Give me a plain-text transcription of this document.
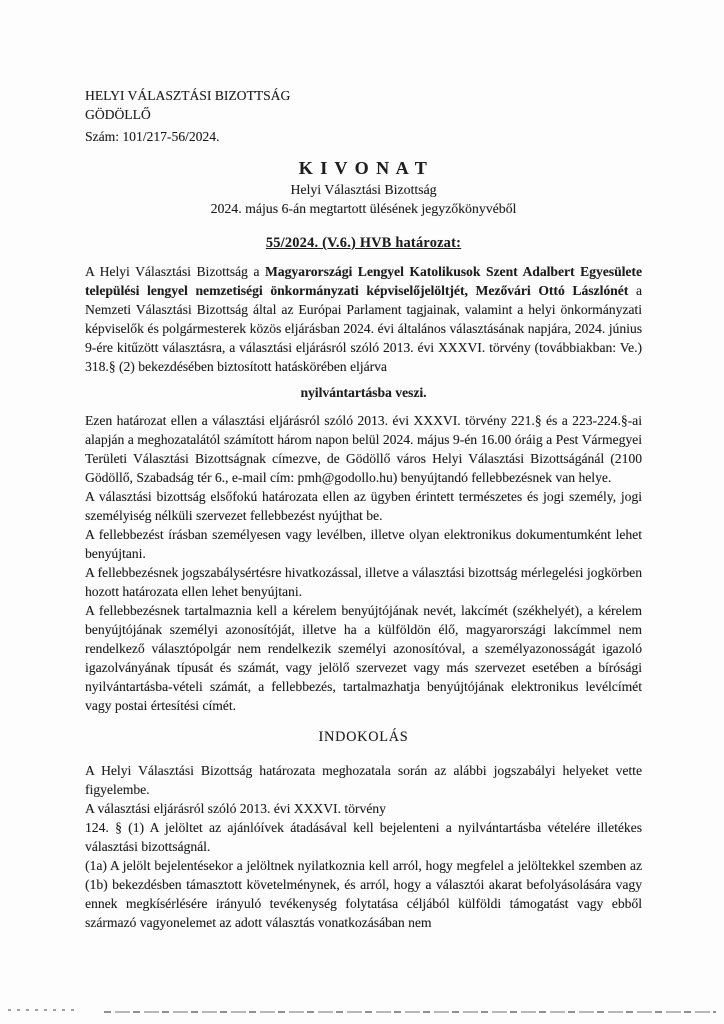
HELYI VÁLASZTÁSI BIZOTTSÁG
GÖDÖLLŐ
Szám: 101/217-56/2024.
K I V O N A T
Helyi Választási Bizottság
2024. május 6-án megtartott ülésének jegyzőkönyvéből
55/2024. (V.6.) HVB határozat:

A Helyi Választási Bizottság a Magyarországi Lengyel Katolikusok Szent Adalbert Egyesülete települési lengyel nemzetiségi önkormányzati képviselőjelöltjét, Mezővári Ottó Lászlónét a Nemzeti Választási Bizottság által az Európai Parlament tagjainak, valamint a helyi önkormányzati képviselők és polgármesterek közös eljárásban 2024. évi általános választásának napjára, 2024. június 9-ére kitűzött választásra, a választási eljárásról szóló 2013. évi XXXVI. törvény (továbbiakban: Ve.) 318.§ (2) bekezdésében biztosított hatáskörében eljárva

nyilvántartásba veszi.

Ezen határozat ellen a választási eljárásról szóló 2013. évi XXXVI. törvény 221.§ és a 223-224.§-ai alapján a meghozatalától számított három napon belül 2024. május 9-én 16.00 óráig a Pest Vármegyei Területi Választási Bizottságnak címezve, de Gödöllő város Helyi Választási Bizottságánál (2100 Gödöllő, Szabadság tér 6., e-mail cím: pmh@godollo.hu) benyújtandó fellebbezésnek van helye.

A választási bizottság elsőfokú határozata ellen az ügyben érintett természetes és jogi személy, jogi személyiség nélküli szervezet fellebbezést nyújthat be.

A fellebbezést írásban személyesen vagy levélben, illetve olyan elektronikus dokumentumként lehet benyújtani.

A fellebbezésnek jogszabálysértésre hivatkozással, illetve a választási bizottság mérlegelési jogkörben hozott határozata ellen lehet benyújtani.

A fellebbezésnek tartalmaznia kell a kérelem benyújtójának nevét, lakcímét (székhelyét), a kérelem benyújtójának személyi azonosítóját, illetve ha a külföldön élő, magyarországi lakcímmel nem rendelkező választópolgár nem rendelkezik személyi azonosítóval, a személyazonosságát igazoló igazolványának típusát és számát, vagy jelölő szervezet vagy más szervezet esetében a bírósági nyilvántartásba-vételi számát, a fellebbezés, tartalmazhatja benyújtójának elektronikus levélcímét vagy postai értesítési címét.

INDOKOLÁS

A Helyi Választási Bizottság határozata meghozatala során az alábbi jogszabályi helyeket vette figyelembe.

A választási eljárásról szóló 2013. évi XXXVI. törvény

124. § (1) A jelöltet az ajánlóívek átadásával kell bejelenteni a nyilvántartásba vételére illetékes választási bizottságnál.

(1a) A jelölt bejelentésekor a jelöltnek nyilatkoznia kell arról, hogy megfelel a jelöltekkel szemben az (1b) bekezdésben támasztott követelménynek, és arról, hogy a választói akarat befolyásolására vagy ennek megkísérlésére irányuló tevékenység folytatása céljából külföldi támogatást vagy ebből származó vagyonelemet az adott választás vonatkozásában nem
